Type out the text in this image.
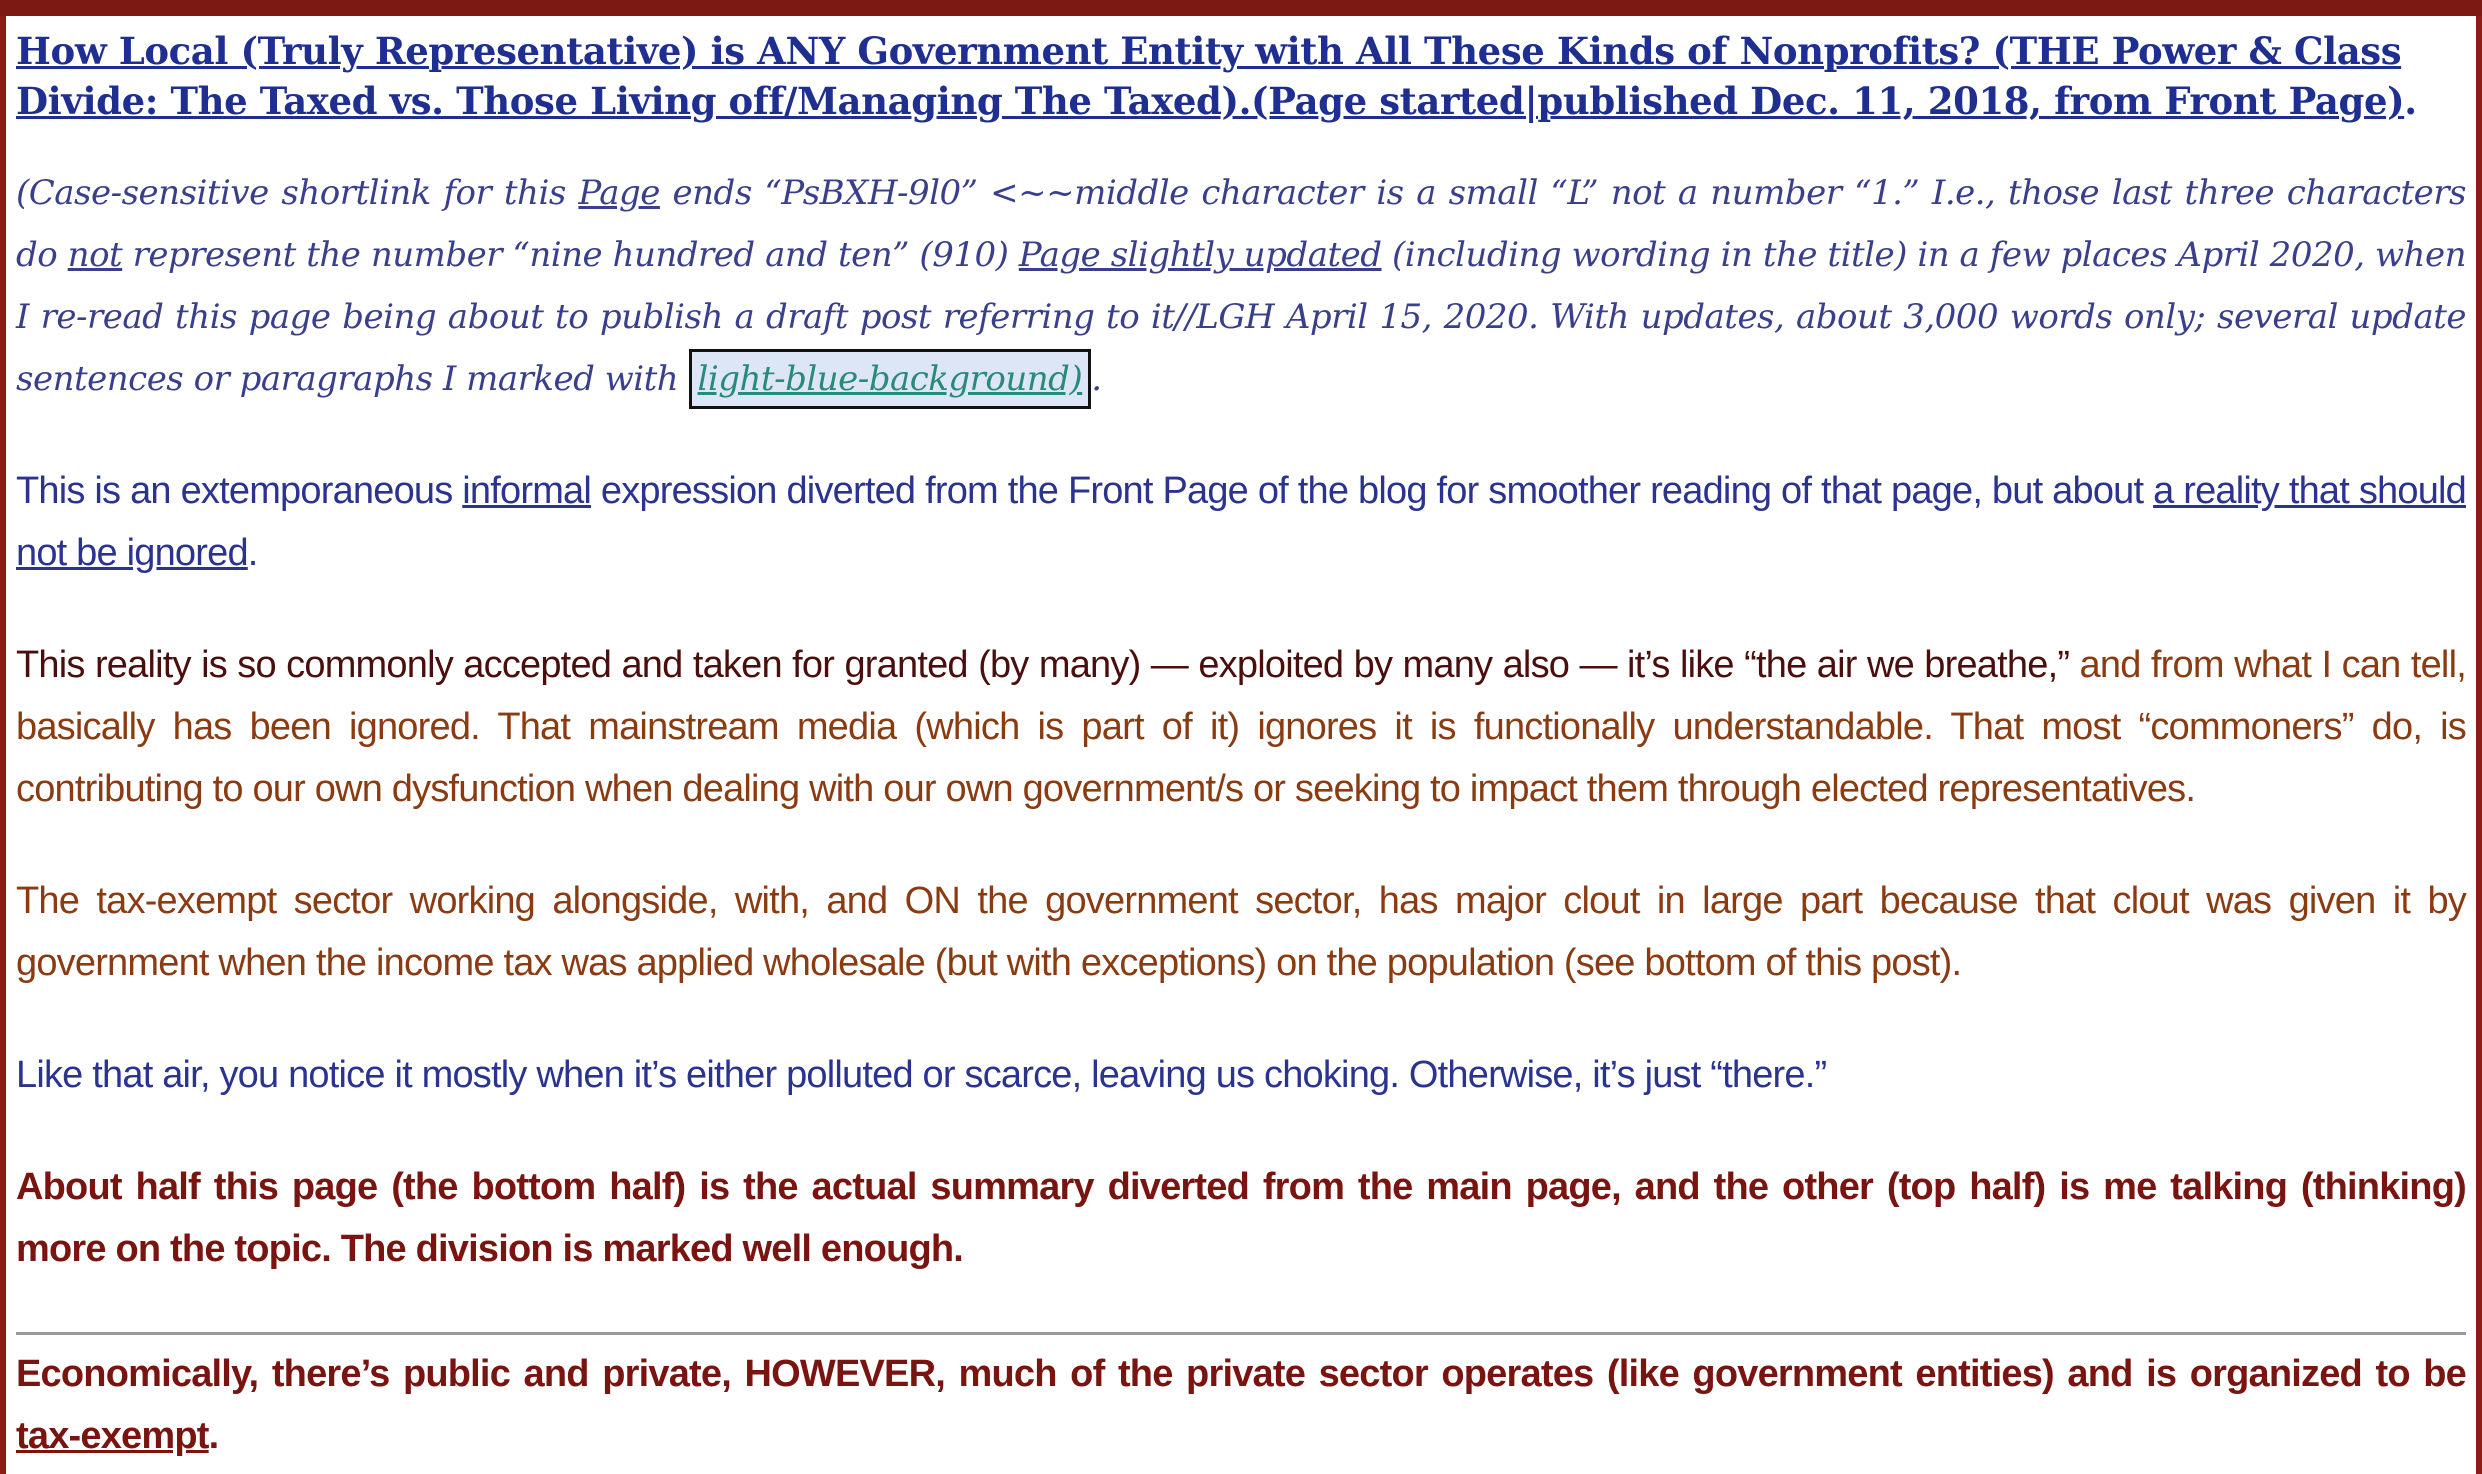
How Local (Truly Representative) is ANY Government Entity with All These Kinds of Nonprofits? (THE Power & Class Divide: The Taxed vs. Those Living off/Managing The Taxed).(Page started|published Dec. 11, 2018, from Front Page).

(Case-sensitive shortlink for this Page ends “PsBXH-9l0” <~~middle character is a small “L” not a number “1.” I.e., those last three characters do not represent the number “nine hundred and ten” (910) Page slightly updated (including wording in the title) in a few places April 2020, when I re-read this page being about to publish a draft post referring to it//LGH April 15, 2020. With updates, about 3,000 words only; several update sentences or paragraphs I marked with light-blue-background) .

This is an extemporaneous informal expression diverted from the Front Page of the blog for smoother reading of that page, but about a reality that should not be ignored.

This reality is so commonly accepted and taken for granted (by many) — exploited by many also — it’s like “the air we breathe,” and from what I can tell, basically has been ignored. That mainstream media (which is part of it) ignores it is functionally understandable. That most “commoners” do, is contributing to our own dysfunction when dealing with our own government/s or seeking to impact them through elected representatives.

The tax-exempt sector working alongside, with, and ON the government sector, has major clout in large part because that clout was given it by government when the income tax was applied wholesale (but with exceptions) on the population (see bottom of this post).

Like that air, you notice it mostly when it’s either polluted or scarce, leaving us choking. Otherwise, it’s just “there.”

About half this page (the bottom half) is the actual summary diverted from the main page, and the other (top half) is me talking (thinking) more on the topic. The division is marked well enough.

Economically, there’s public and private, HOWEVER, much of the private sector operates (like government entities) and is organized to be tax-exempt.
